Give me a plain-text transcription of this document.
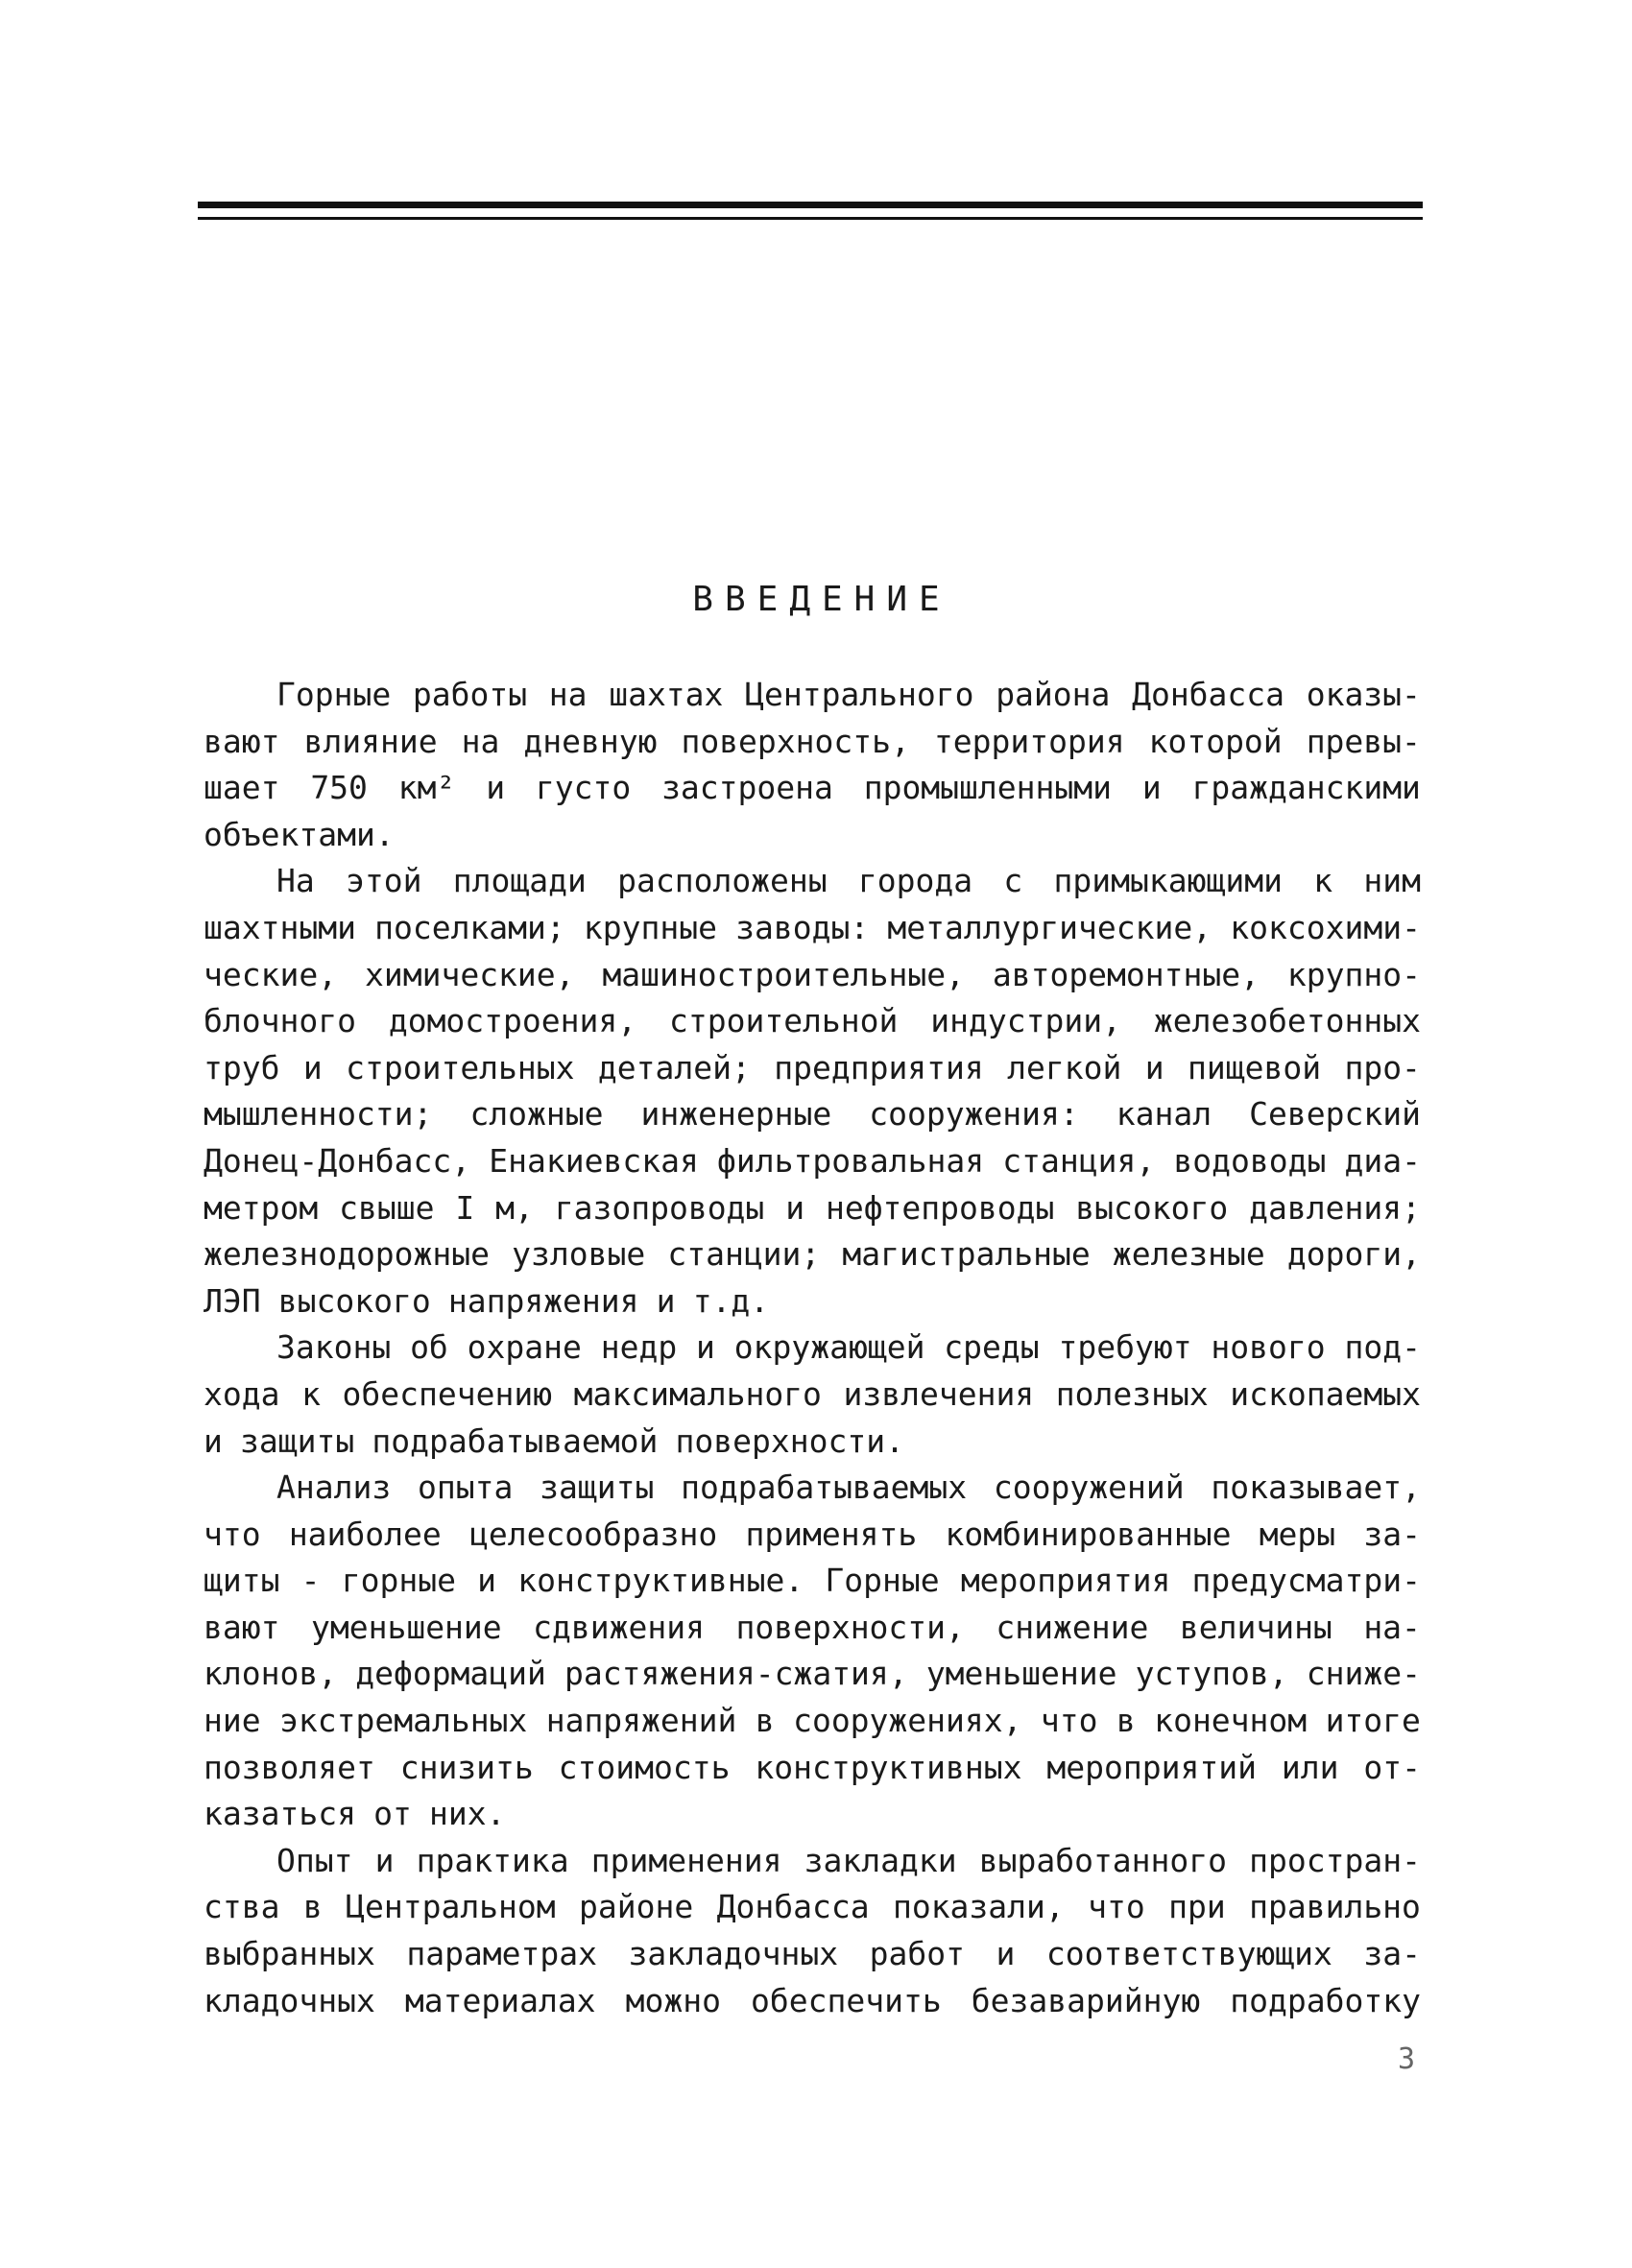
ВВЕДЕНИЕ
Горные работы на шахтах Центрального района Донбасса оказы-
вают влияние на дневную поверхность, территория которой превы-
шает 750 км² и густо застроена промышленными и гражданскими
объектами.
На этой площади расположены города с примыкающими к ним
шахтными поселками; крупные заводы: металлургические, коксохими-
ческие, химические, машиностроительные, авторемонтные, крупно-
блочного домостроения, строительной индустрии, железобетонных
труб и строительных деталей; предприятия легкой и пищевой про-
мышленности; сложные инженерные сооружения: канал Северский
Донец-Донбасс, Енакиевская фильтровальная станция, водоводы диа-
метром свыше I м, газопроводы и нефтепроводы высокого давления;
железнодорожные узловые станции; магистральные железные дороги,
ЛЭП высокого напряжения и т.д.
Законы об охране недр и окружающей среды требуют нового под-
хода к обеспечению максимального извлечения полезных ископаемых
и защиты подрабатываемой поверхности.
Анализ опыта защиты подрабатываемых сооружений показывает,
что наиболее целесообразно применять комбинированные меры за-
щиты - горные и конструктивные. Горные мероприятия предусматри-
вают уменьшение сдвижения поверхности, снижение величины на-
клонов, деформаций растяжения-сжатия, уменьшение уступов, сниже-
ние экстремальных напряжений в сооружениях, что в конечном итоге
позволяет снизить стоимость конструктивных мероприятий или от-
казаться от них.
Опыт и практика применения закладки выработанного простран-
ства в Центральном районе Донбасса показали, что при правильно
выбранных параметрах закладочных работ и соответствующих за-
кладочных материалах можно обеспечить безаварийную подработку
3
